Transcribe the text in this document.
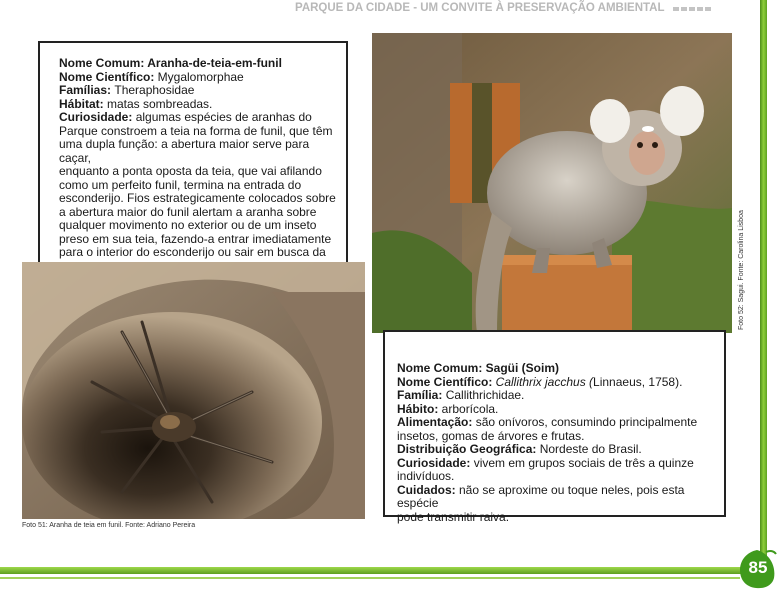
PARQUE DA CIDADE - UM CONVITE À PRESERVAÇÃO AMBIENTAL
85

Nome Comum: Aranha-de-teia-em-funil

Nome Científico: Mygalomorphae

Famílias: Theraphosidae

Hábitat: matas sombreadas.

Curiosidade: algumas espécies de aranhas do

Parque constroem a teia na forma de funil, que têm

uma dupla função: a abertura maior serve para caçar,

enquanto a ponta oposta da teia, que vai afilando

como um perfeito funil, termina na entrada do

esconderijo. Fios estrategicamente colocados sobre

a abertura maior do funil alertam a aranha sobre

qualquer movimento no exterior ou de um inseto

preso em sua teia, fazendo-a entrar imediatamente

para o interior do esconderijo ou sair em busca da

Foto 51: Aranha de teia em funil. Fonte: Adriano Pereira
Foto 52: Sagui. Fonte: Carolina Lisboa

Nome Comum: Sagüi (Soim)

Nome Científico: Callithrix jacchus (Linnaeus, 1758).

Família: Callithrichidae.

Hábito: arborícola.

Alimentação: são onívoros, consumindo principalmente

insetos, gomas de árvores e frutas.

Distribuição Geográfica: Nordeste do Brasil.

Curiosidade: vivem em grupos sociais de três a quinze

indivíduos.

Cuidados: não se aproxime ou toque neles, pois esta espécie

pode transmitir raiva.
